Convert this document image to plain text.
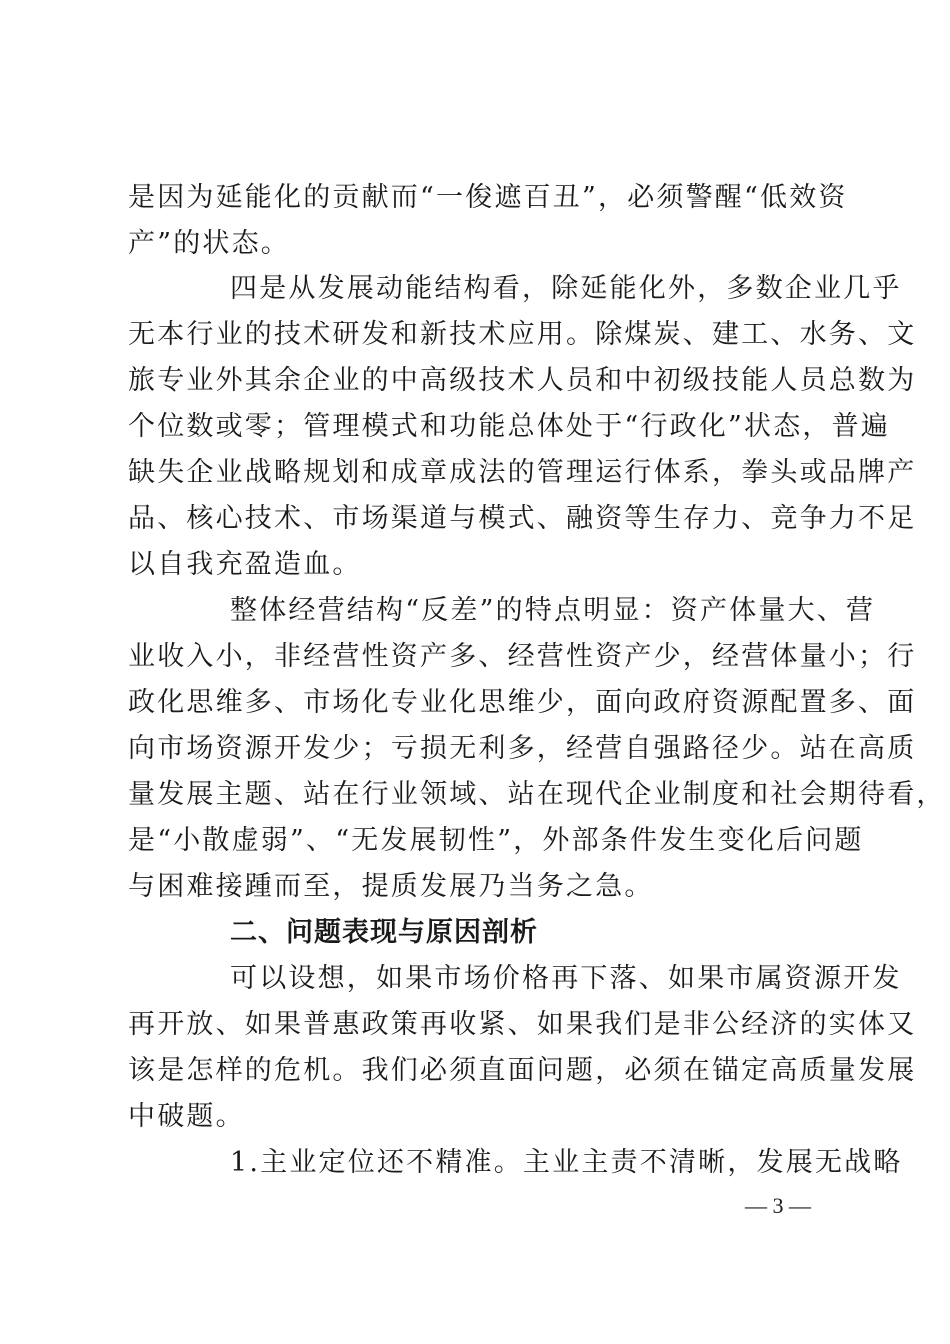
是因为延能化的贡献而“一俊遮百丑”，必须警醒“低效资
产”的状态。
四是从发展动能结构看，除延能化外，多数企业几乎
无本行业的技术研发和新技术应用。除煤炭、建工、水务、文
旅专业外其余企业的中高级技术人员和中初级技能人员总数为
个位数或零；管理模式和功能总体处于“行政化”状态，普遍
缺失企业战略规划和成章成法的管理运行体系，拳头或品牌产
品、核心技术、市场渠道与模式、融资等生存力、竞争力不足
以自我充盈造血。
整体经营结构“反差”的特点明显：资产体量大、营
业收入小，非经营性资产多、经营性资产少，经营体量小；行
政化思维多、市场化专业化思维少，面向政府资源配置多、面
向市场资源开发少；亏损无利多，经营自强路径少。站在高质
量发展主题、站在行业领域、站在现代企业制度和社会期待看，
是“小散虚弱”、“无发展韧性”，外部条件发生变化后问题
与困难接踵而至，提质发展乃当务之急。
二、问题表现与原因剖析
可以设想，如果市场价格再下落、如果市属资源开发
再开放、如果普惠政策再收紧、如果我们是非公经济的实体又
该是怎样的危机。我们必须直面问题，必须在锚定高质量发展
中破题。
1.主业定位还不精准。主业主责不清晰，发展无战略
— 3 —
